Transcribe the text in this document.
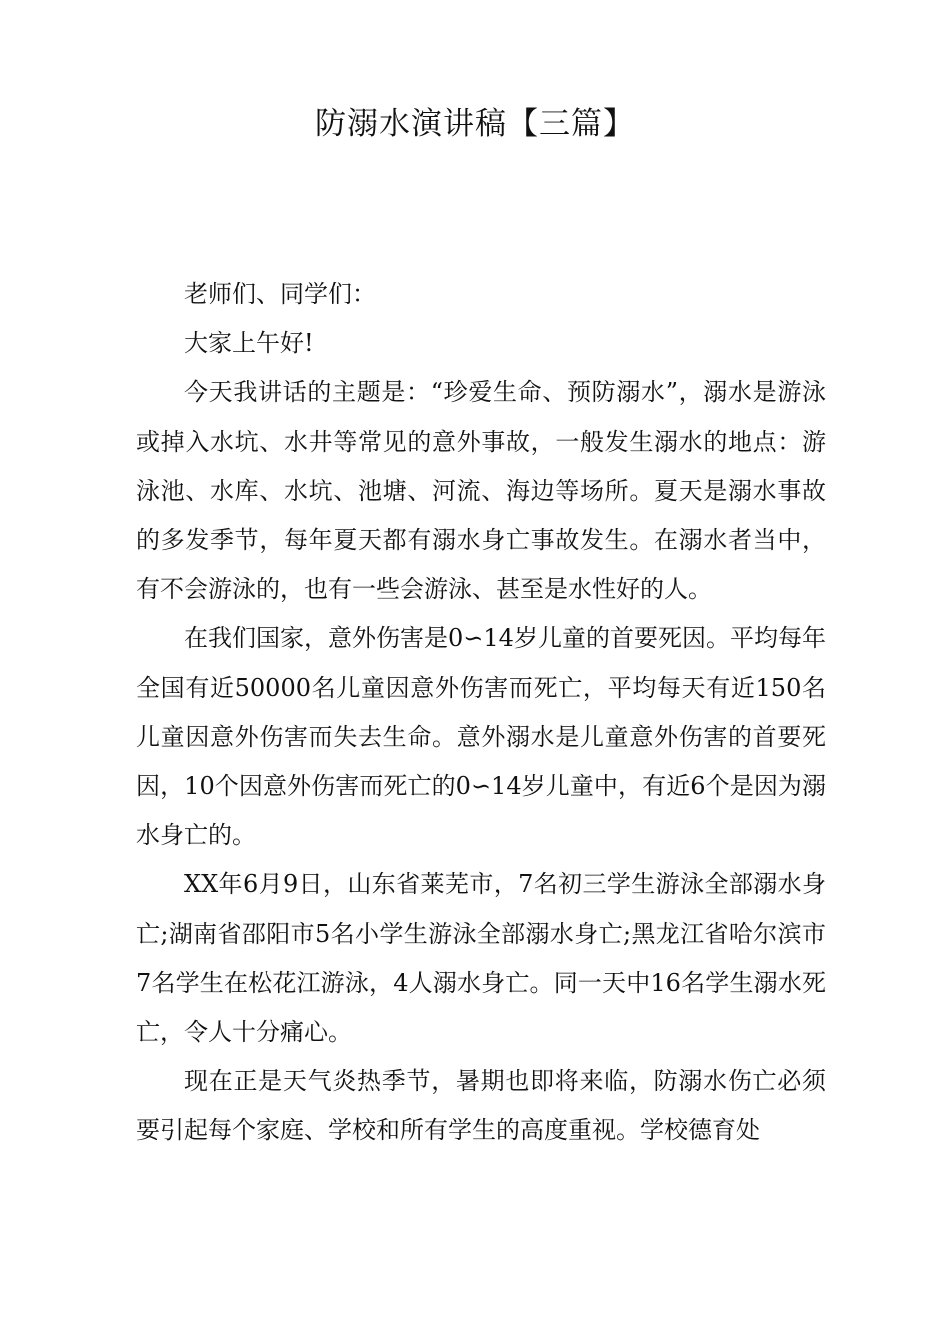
防溺水演讲稿【三篇】

老师们、同学们：

大家上午好!

今天我讲话的主题是：“珍爱生命、预防溺水”，溺水是游泳或掉入水坑、水井等常见的意外事故，一般发生溺水的地点：游泳池、水库、水坑、池塘、河流、海边等场所。夏天是溺水事故的多发季节，每年夏天都有溺水身亡事故发生。在溺水者当中，有不会游泳的，也有一些会游泳、甚至是水性好的人。

在我们国家，意外伤害是0∽14岁儿童的首要死因。平均每年全国有近50000名儿童因意外伤害而死亡，平均每天有近150名儿童因意外伤害而失去生命。意外溺水是儿童意外伤害的首要死因，10个因意外伤害而死亡的0∽14岁儿童中，有近6个是因为溺水身亡的。

XX年6月9日，山东省莱芜市，7名初三学生游泳全部溺水身亡;湖南省邵阳市5名小学生游泳全部溺水身亡;黑龙江省哈尔滨市7名学生在松花江游泳，4人溺水身亡。同一天中16名学生溺水死亡，令人十分痛心。

现在正是天气炎热季节，暑期也即将来临，防溺水伤亡必须要引起每个家庭、学校和所有学生的高度重视。学校德育处
